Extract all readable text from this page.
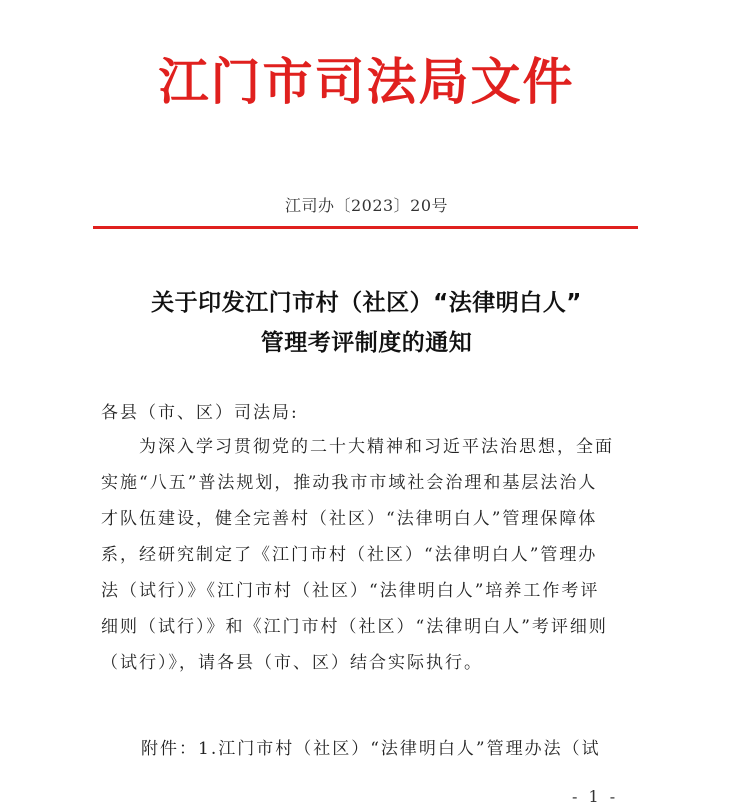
江门市司法局文件
江司办〔2023〕20号
关于印发江门市村（社区）“法律明白人”
管理考评制度的通知
各县（市、区）司法局:
为深入学习贯彻党的二十大精神和习近平法治思想，全面
实施“八五”普法规划，推动我市市域社会治理和基层法治人
才队伍建设，健全完善村（社区）“法律明白人”管理保障体
系，经研究制定了《江门市村（社区）“法律明白人”管理办
法（试行）》《江门市村（社区）“法律明白人”培养工作考评
细则（试行）》和《江门市村（社区）“法律明白人”考评细则
（试行）》，请各县（市、区）结合实际执行。
附件：1.江门市村（社区）“法律明白人”管理办法（试
- 1 -
